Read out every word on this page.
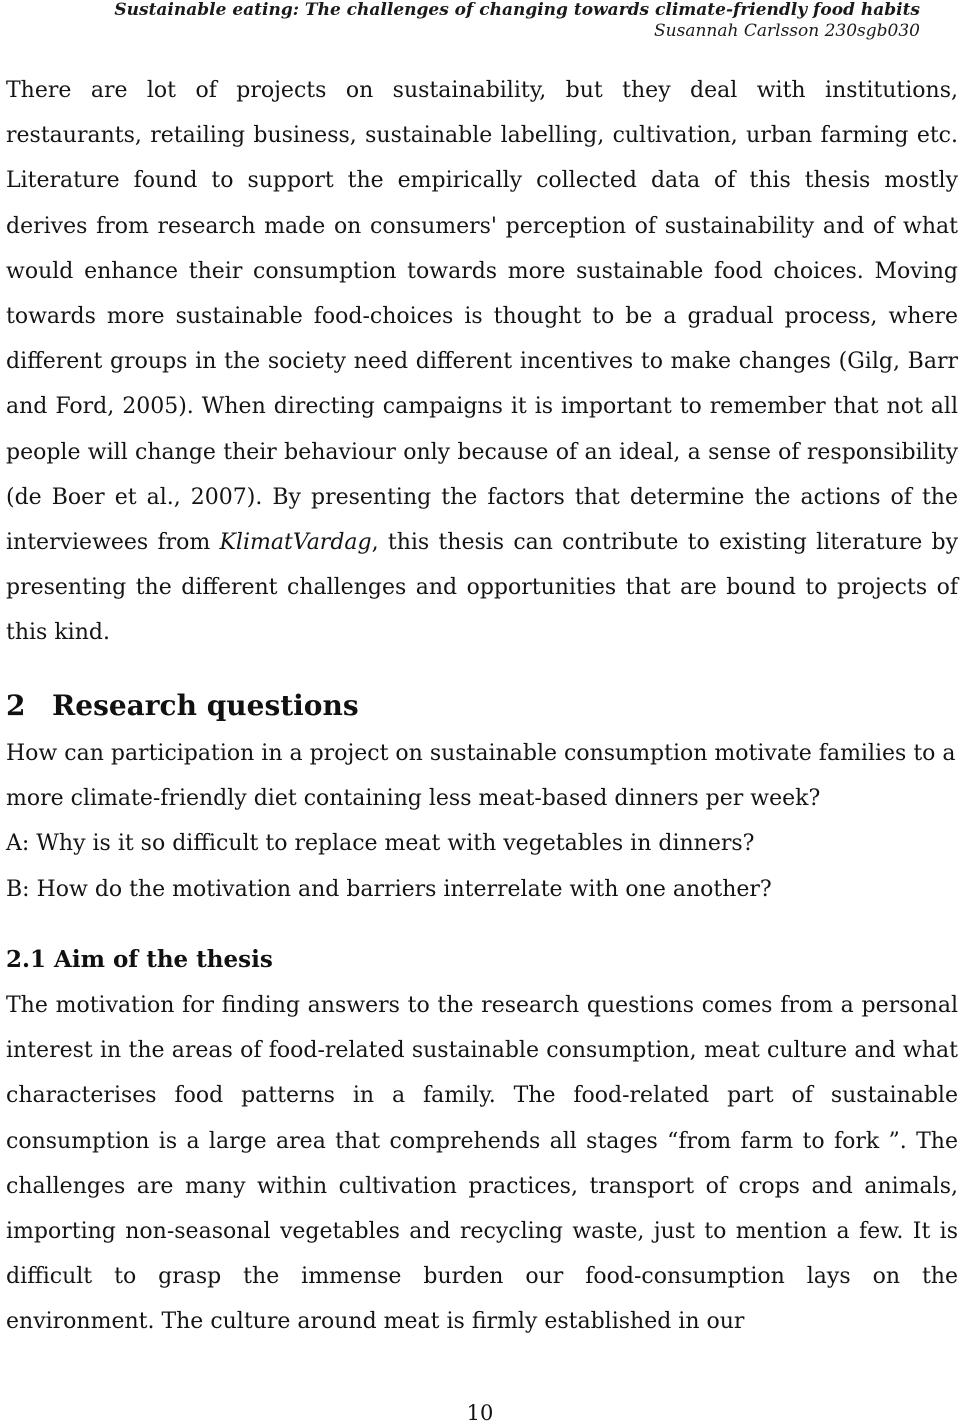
Sustainable eating: The challenges of changing towards climate-friendly food habits
Susannah Carlsson 230sgb030

There are lot of projects on sustainability, but they deal with institutions, restaurants, retailing business, sustainable labelling, cultivation, urban farming etc. Literature found to support the empirically collected data of this thesis mostly derives from research made on consumers' perception of sustainability and of what would enhance their consumption towards more sustainable food choices. Moving towards more sustainable food-choices is thought to be a gradual process, where different groups in the society need different incentives to make changes (Gilg, Barr and Ford, 2005). When directing campaigns it is important to remember that not all people will change their behaviour only because of an ideal, a sense of responsibility (de Boer et al., 2007). By presenting the factors that determine the actions of the interviewees from KlimatVardag, this thesis can contribute to existing literature by presenting the different challenges and opportunities that are bound to projects of this kind.

2 Research questions

How can participation in a project on sustainable consumption motivate families to a more climate-friendly diet containing less meat-based dinners per week?

A: Why is it so difficult to replace meat with vegetables in dinners?

B: How do the motivation and barriers interrelate with one another?

2.1 Aim of the thesis

The motivation for finding answers to the research questions comes from a personal interest in the areas of food-related sustainable consumption, meat culture and what characterises food patterns in a family. The food-related part of sustainable consumption is a large area that comprehends all stages “from farm to fork ”. The challenges are many within cultivation practices, transport of crops and animals, importing non-seasonal vegetables and recycling waste, just to mention a few. It is difficult to grasp the immense burden our food-consumption lays on the environment. The culture around meat is firmly established in our

10
